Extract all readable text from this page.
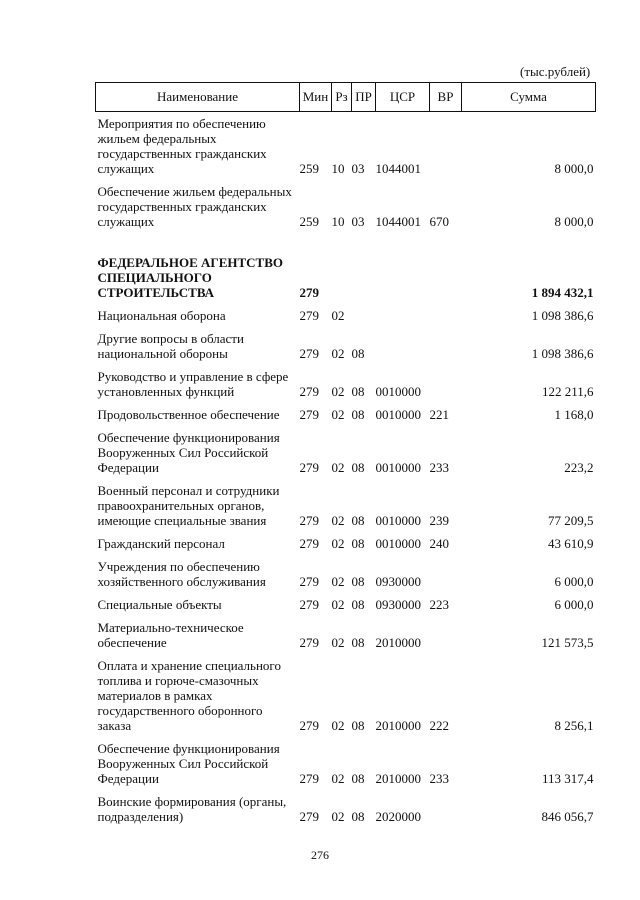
(тыс.рублей)
Наименование	Мин	Рз	ПР	ЦСР	ВР	Сумма
Мероприятия по обеспечению жильем федеральных государственных гражданских служащих	259	10	03	1044001		8 000,0
Обеспечение жильем федеральных государственных гражданских служащих	259	10	03	1044001	670	8 000,0
ФЕДЕРАЛЬНОЕ АГЕНТСТВО СПЕЦИАЛЬНОГО СТРОИТЕЛЬСТВА	279					1 894 432,1
Национальная оборона	279	02				1 098 386,6
Другие вопросы в области национальной обороны	279	02	08			1 098 386,6
Руководство и управление в сфере установленных функций	279	02	08	0010000		122 211,6
Продовольственное обеспечение	279	02	08	0010000	221	1 168,0
Обеспечение функционирования Вооруженных Сил Российской Федерации	279	02	08	0010000	233	223,2
Военный персонал и сотрудники правоохранительных органов, имеющие специальные звания	279	02	08	0010000	239	77 209,5
Гражданский персонал	279	02	08	0010000	240	43 610,9
Учреждения по обеспечению хозяйственного обслуживания	279	02	08	0930000		6 000,0
Специальные объекты	279	02	08	0930000	223	6 000,0
Материально-техническое обеспечение	279	02	08	2010000		121 573,5
Оплата и хранение специального топлива и горюче-смазочных материалов в рамках государственного оборонного заказа	279	02	08	2010000	222	8 256,1
Обеспечение функционирования Вооруженных Сил Российской Федерации	279	02	08	2010000	233	113 317,4
Воинские формирования (органы, подразделения)	279	02	08	2020000		846 056,7
276
